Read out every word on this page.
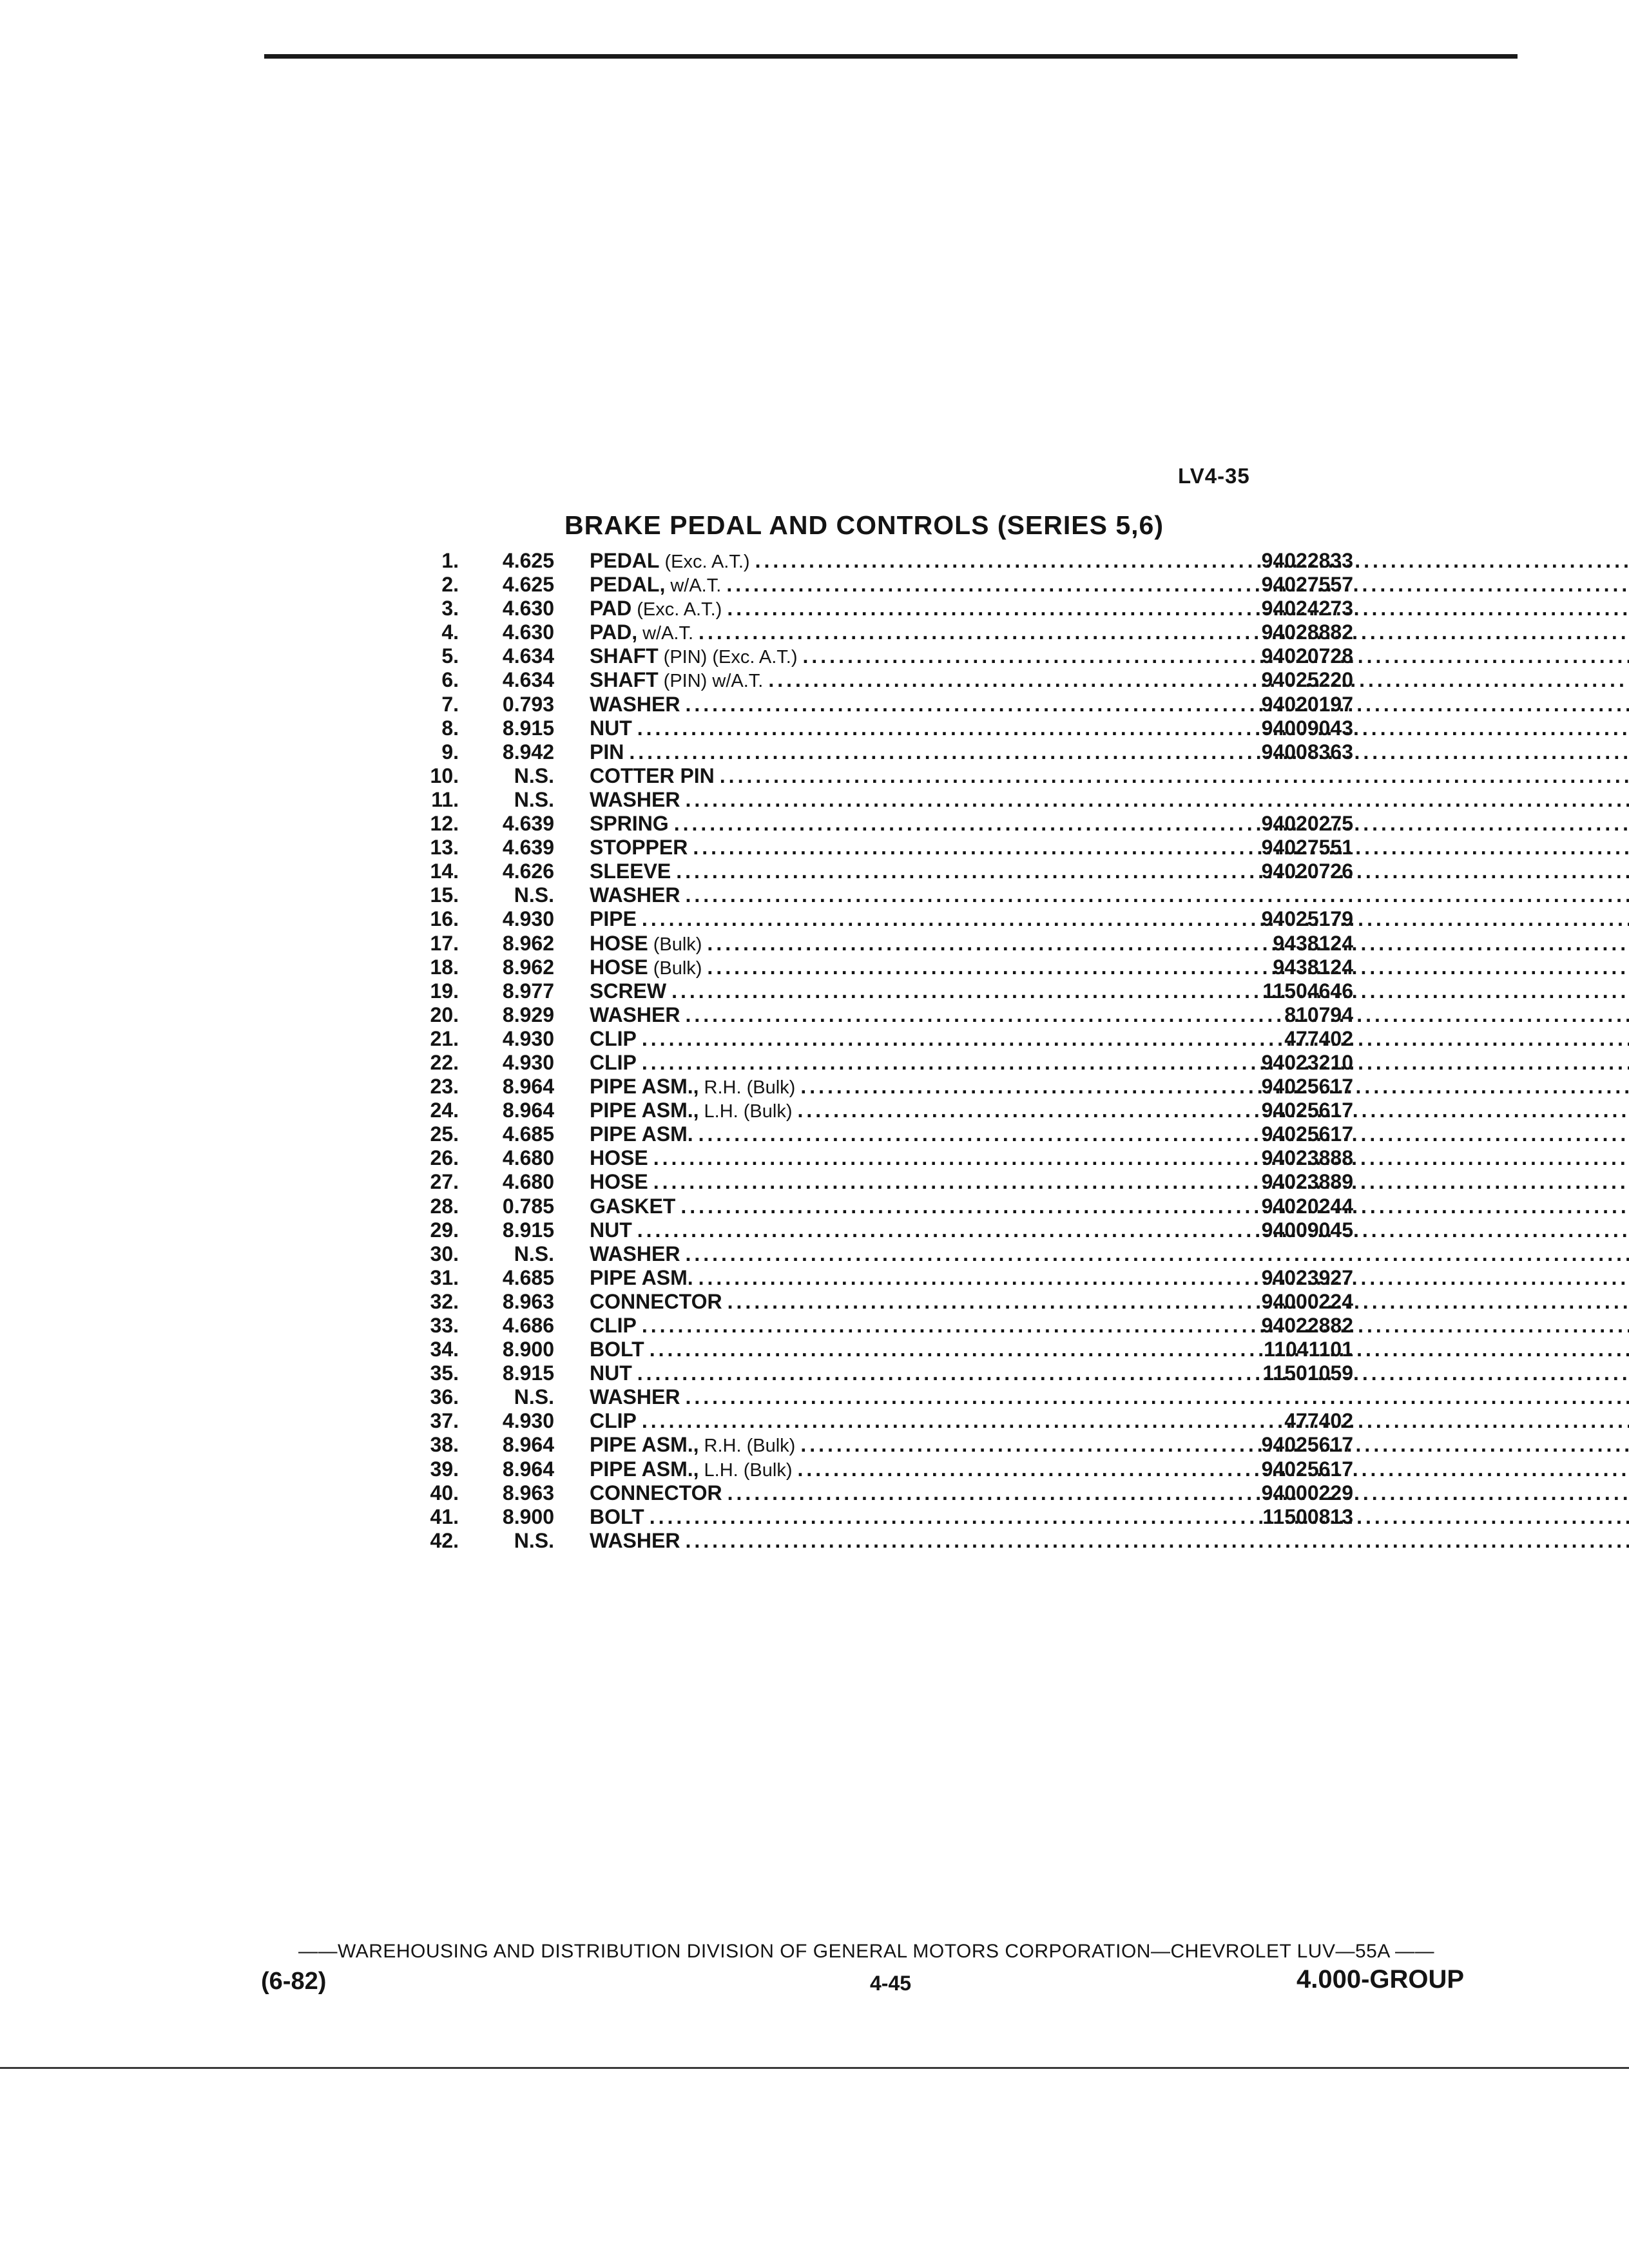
LV4-35
BRAKE PEDAL AND CONTROLS (SERIES 5,6)
1.	4.625 PEDAL (Exc. A.T.) .....	94022833
2.	4.625 PEDAL, w/A.T. .....	94027557
3.	4.630 PAD (Exc. A.T.) .....	94024273
4.	4.630 PAD, w/A.T. .....	94028882
5.	4.634 SHAFT (PIN) (Exc. A.T.) .....	94020728
6.	4.634 SHAFT (PIN) w/A.T. .....	94025220
7.	0.793 WASHER .....	94020197
8.	8.915 NUT .....	94009043
9.	8.942 PIN .....	94008363
10.	N.S. COTTER PIN
.....
11.	N.S. WASHER
.....
12.	4.639 SPRING .....	94020275
13.	4.639 STOPPER .....	94027551
14.	4.626 SLEEVE .....	94020726
15.	N.S. WASHER
.....
16.	4.930 PIPE .....	94025179
17.	8.962 HOSE (Bulk) .....	9438124
18.	8.962 HOSE (Bulk) .....	9438124
19.	8.977 SCREW .....	11504646
20.	8.929 WASHER .....	810794
21.	4.930 CLIP .....	477402
22.	4.930 CLIP .....	94023210
23.	8.964 PIPE ASM., R.H. (Bulk) .....	94025617
24.	8.964 PIPE ASM., L.H. (Bulk) .....	94025617
25.	4.685 PIPE ASM. .....	94025617
26.	4.680 HOSE .....	94023888
27.	4.680 HOSE .....	94023889
28.	0.785 GASKET .....	94020244
29.	8.915 NUT .....	94009045
30.	N.S. WASHER
.....
31.	4.685 PIPE ASM. .....	94023927
32.	8.963 CONNECTOR .....	94000224
33.	4.686 CLIP .....	94022882
34.	8.900 BOLT .....	11041101
35.	8.915 NUT .....	11501059
36.	N.S. WASHER
.....
37.	4.930 CLIP .....	477402
38.	8.964 PIPE ASM., R.H. (Bulk) .....	94025617
39.	8.964 PIPE ASM., L.H. (Bulk) .....	94025617
40.	8.963 CONNECTOR .....	94000229
41.	8.900 BOLT .....	11500813
42.	N.S. WASHER
.....
——WAREHOUSING AND DISTRIBUTION DIVISION OF GENERAL MOTORS CORPORATION—CHEVROLET LUV—55A ——
(6-82)	4-45	4.000-GROUP
